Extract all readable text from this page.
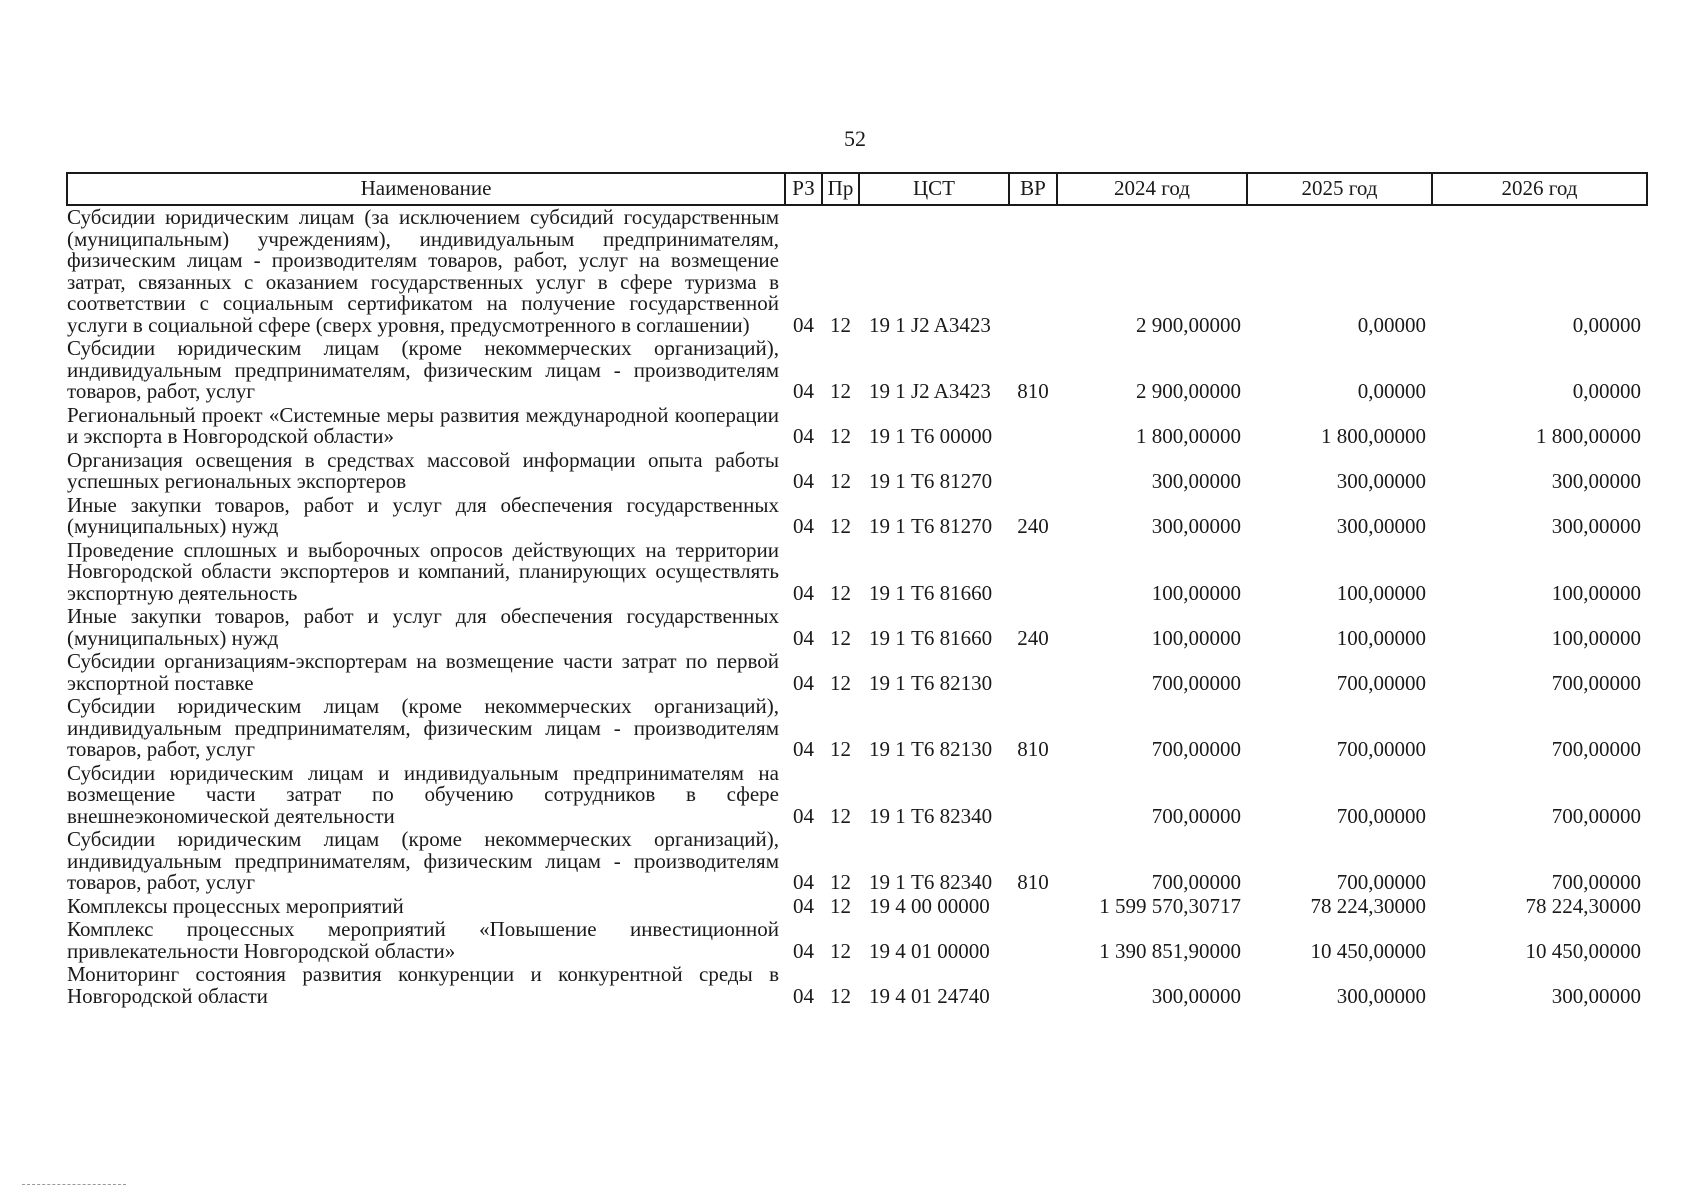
52
Наименование	РЗ	Пр	ЦСТ	ВР	2024 год	2025 год	2026 год
Субсидии юридическим лицам (за исключением субсидий государственным (муниципальным) учреждениям), индивидуальным предпринимателям, физическим лицам - производителям товаров, работ, услуг на возмещение затрат, связанных с оказанием государственных услуг в сфере туризма в соответствии с социальным сертификатом на получение государственной услуги в социальной сфере (сверх уровня, предусмотренного в соглашении)	04	12	19 1 J2 A3423		2 900,00000	0,00000	0,00000
Субсидии юридическим лицам (кроме некоммерческих организаций), индивидуальным предпринимателям, физическим лицам - производителям товаров, работ, услуг	04	12	19 1 J2 A3423	810	2 900,00000	0,00000	0,00000
Региональный проект «Системные меры развития международной кооперации и экспорта в Новгородской области»	04	12	19 1 Т6 00000		1 800,00000	1 800,00000	1 800,00000
Организация освещения в средствах массовой информации опыта работы успешных региональных экспортеров	04	12	19 1 Т6 81270		300,00000	300,00000	300,00000
Иные закупки товаров, работ и услуг для обеспечения государственных (муниципальных) нужд	04	12	19 1 Т6 81270	240	300,00000	300,00000	300,00000
Проведение сплошных и выборочных опросов действующих на территории Новгородской области экспортеров и компаний, планирующих осуществлять экспортную деятельность	04	12	19 1 Т6 81660		100,00000	100,00000	100,00000
Иные закупки товаров, работ и услуг для обеспечения государственных (муниципальных) нужд	04	12	19 1 Т6 81660	240	100,00000	100,00000	100,00000
Субсидии организациям-экспортерам на возмещение части затрат по первой экспортной поставке	04	12	19 1 Т6 82130		700,00000	700,00000	700,00000
Субсидии юридическим лицам (кроме некоммерческих организаций), индивидуальным предпринимателям, физическим лицам - производителям товаров, работ, услуг	04	12	19 1 Т6 82130	810	700,00000	700,00000	700,00000
Субсидии юридическим лицам и индивидуальным предпринимателям на возмещение части затрат по обучению сотрудников в сфере внешнеэкономической деятельности	04	12	19 1 Т6 82340		700,00000	700,00000	700,00000
Субсидии юридическим лицам (кроме некоммерческих организаций), индивидуальным предпринимателям, физическим лицам - производителям товаров, работ, услуг	04	12	19 1 Т6 82340	810	700,00000	700,00000	700,00000
Комплексы процессных мероприятий	04	12	19 4 00 00000		1 599 570,30717	78 224,30000	78 224,30000
Комплекс процессных мероприятий «Повышение инвестиционной привлекательности Новгородской области»	04	12	19 4 01 00000		1 390 851,90000	10 450,00000	10 450,00000
Мониторинг состояния развития конкуренции и конкурентной среды в Новгородской области	04	12	19 4 01 24740		300,00000	300,00000	300,00000
